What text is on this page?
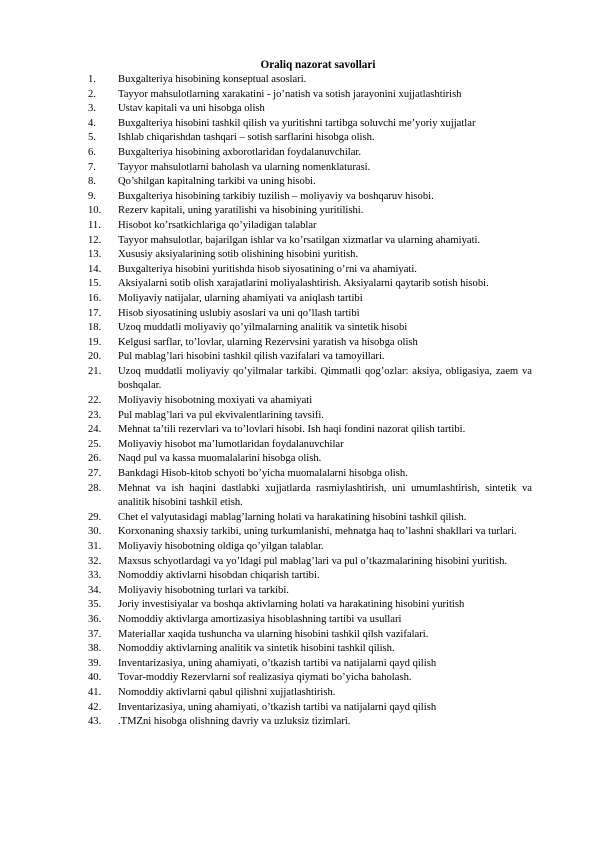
Oraliq nazorat savollari
1.	Buxgalteriya hisobining konseptual asoslari.
2.	Tayyor mahsulotlarning xarakatini - jo’natish va sotish jarayonini xujjatlashtirish
3.	Ustav kapitali va uni hisobga olish
4.	Buxgalteriya hisobini tashkil qilish va yuritishni tartibga soluvchi me’yoriy xujjatlar
5.	Ishlab chiqarishdan tashqari – sotish sarflarini hisobga olish.
6.	Buxgalteriya hisobining axborotlaridan foydalanuvchilar.
7.	Tayyor mahsulotlarni baholash va ularning nomenklaturasi.
8.	Qo’shilgan kapitalning tarkibi va uning hisobi.
9.	Buxgalteriya hisobining tarkibiy tuzilish – moliyaviy va boshqaruv hisobi.
10.	Rezerv kapitali, uning yaratilishi va hisobining yuritilishi.
11.	Hisobot ko’rsatkichlariga qo’yiladigan talablar
12.	Tayyor mahsulotlar, bajarilgan ishlar va ko’rsatilgan xizmatlar va ularning ahamiyati.
13.	Xususiy aksiyalarining sotib olishining hisobini yuritish.
14.	Buxgalteriya hisobini yuritishda hisob siyosatining o’rni va ahamiyati.
15.	Aksiyalarni sotib olish xarajatlarini moliyalashtirish. Aksiyalarni qaytarib sotish hisobi.
16.	Moliyaviy natijalar, ularning ahamiyati va aniqlash tartibi
17.	Hisob siyosatining uslubiy asoslari va uni qo’llash tartibi
18.	Uzoq muddatli moliyaviy qo’yilmalarning analitik va sintetik hisobi
19.	Kelgusi sarflar, to’lovlar, ularning Rezervsini yaratish va hisobga olish
20.	Pul mablag’lari hisobini tashkil qilish vazifalari va tamoyillari.
21.	Uzoq muddatli moliyaviy qo’yilmalar tarkibi. Qimmatli qog’ozlar: aksiya, obligasiya, zaem va boshqalar.
22.	Moliyaviy hisobotning moxiyati va ahamiyati
23.	Pul mablag’lari va pul ekvivalentlarining tavsifi.
24.	Mehnat ta’tili rezervlari va to’lovlari hisobi. Ish haqi fondini nazorat qilish tartibi.
25.	Moliyaviy hisobot ma’lumotlaridan foydalanuvchilar
26.	Naqd pul va kassa muomalalarini hisobga olish.
27.	Bankdagi Hisob-kitob schyoti bo’yicha muomalalarni hisobga olish.
28.	Mehnat va ish haqini dastlabki xujjatlarda rasmiylashtirish, uni umumlashtirish, sintetik va analitik hisobini tashkil etish.
29.	Chet el valyutasidagi mablag’larning holati va harakatining hisobini tashkil qilish.
30.	Korxonaning shaxsiy tarkibi, uning turkumlanishi, mehnatga haq to’lashni shakllari va turlari.
31.	Moliyaviy hisobotning oldiga qo’yilgan talablar.
32.	Maxsus schyotlardagi va yo’ldagi pul mablag’lari va pul o’tkazmalarining hisobini yuritish.
33.	Nomoddiy aktivlarni hisobdan chiqarish tartibi.
34.	Moliyaviy hisobotning turlari va tarkibi.
35.	Joriy investisiyalar va boshqa aktivlarning holati va harakatining hisobini yuritish
36.	Nomoddiy aktivlarga amortizasiya hisoblashning tartibi va usullari
37.	Materiallar xaqida tushuncha va ularning hisobini tashkil qilsh vazifalari.
38.	Nomoddiy aktivlarning analitik va sintetik hisobini tashkil qilish.
39.	Inventarizasiya, uning ahamiyati, o’tkazish tartibi va natijalarni qayd qilish
40.	Tovar-moddiy Rezervlarni sof realizasiya qiymati bo’yicha baholash.
41.	Nomoddiy aktivlarni qabul qilishni xujjatlashtirish.
42.	Inventarizasiya, uning ahamiyati, o’tkazish tartibi va natijalarni qayd qilish
43.	.TMZni hisobga olishning davriy va uzluksiz tizimlari.
